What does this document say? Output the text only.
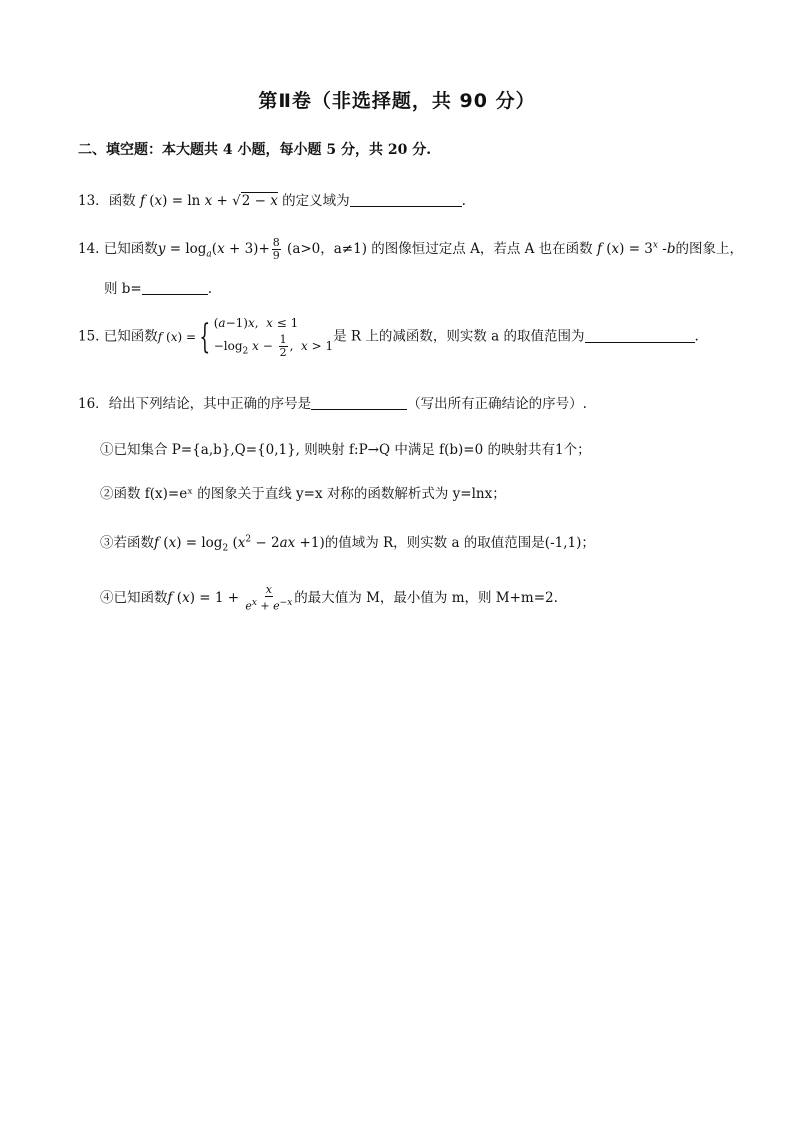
第Ⅱ卷（非选择题，共 90 分）
二、填空题：本大题共 4 小题，每小题 5 分，共 20 分.
13．函数 f (x) = ln x + √2 − x 的定义域为	.
14. 已知函数$y = \log_a(x + 3)+ \frac{8}{9} (a>0$，a≠1) 的图像恒过定点 A，若点 A 也在函数 f $(x) = 3^x$ -b的图象上，
则 b=	.
15. 已知函数 f (x) = { (a−1)x,  x ≤ 1
$-\log_2$ $x - \frac{1}{2}$ ,  x > 1
是 R 上的减函数，则实数 a 的取值范围为	.
16．给出下列结论，其中正确的序号是	（写出所有正确结论的序号）.
①已知集合 P={a,b},Q={0,1}, 则映射 f:P→Q 中满足 f(b)=0 的映射共有1个；
②函数 f(x)=eˣ 的图象关于直线 y=x 对称的函数解析式为 y=lnx；
③若函数f $(x) = \log_2 (x^2 - 2ax +1)$的值域为 R，则实数 a 的取值范围是(-1,1)；
④已知函数f $(x) = 1 + \frac{x}{e^x + e^{-x}}$ 的最大值为 M，最小值为 m，则 M+m=2.
